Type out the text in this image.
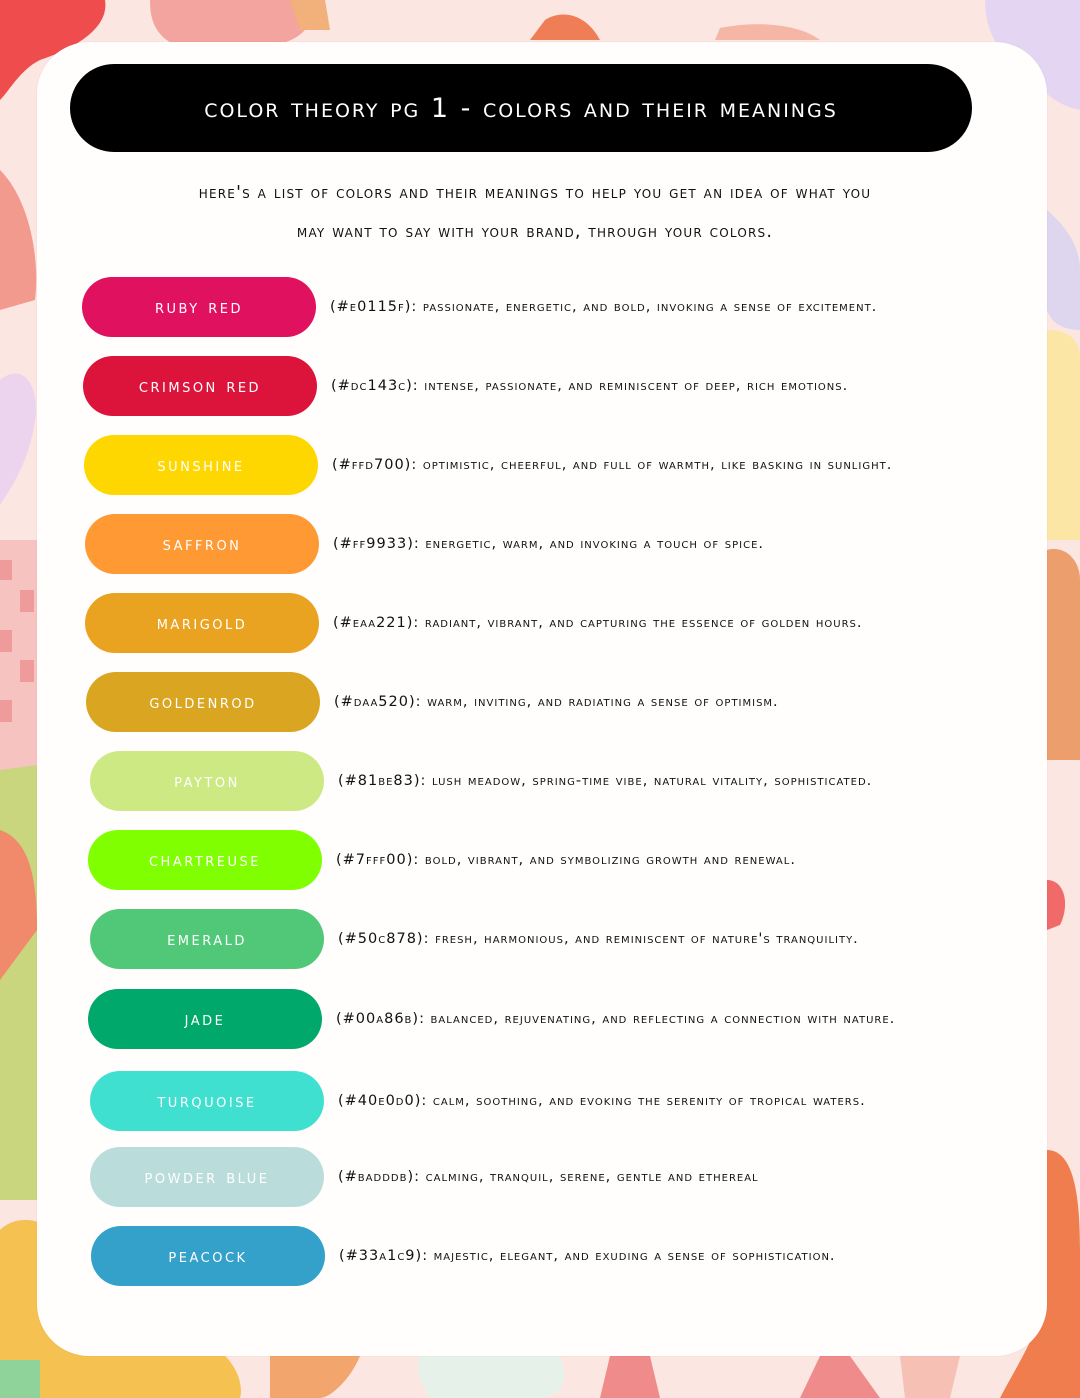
color theory pg 1 - colors and their meanings
here's a list of colors and their meanings to help you get an idea of what you
may want to say with your brand, through your colors.
ruby red	(#e0115f): passionate, energetic, and bold, invoking a sense of excitement.
crimson red	(#dc143c): intense, passionate, and reminiscent of deep, rich emotions.
sunshine	(#ffd700): optimistic, cheerful, and full of warmth, like basking in sunlight.
saffron	(#ff9933): energetic, warm, and invoking a touch of spice.
marigold	(#eaa221): radiant, vibrant, and capturing the essence of golden hours.
goldenrod	(#daa520): warm, inviting, and radiating a sense of optimism.
payton	(#81be83): lush meadow, spring-time vibe, natural vitality, sophisticated.
chartreuse	(#7fff00): bold, vibrant, and symbolizing growth and renewal.
emerald	(#50c878): fresh, harmonious, and reminiscent of nature's tranquility.
jade	(#00a86b): balanced, rejuvenating, and reflecting a connection with nature.
turquoise	(#40e0d0): calm, soothing, and evoking the serenity of tropical waters.
powder blue	(#badddb): calming, tranquil, serene, gentle and ethereal
peacock	(#33a1c9): majestic, elegant, and exuding a sense of sophistication.
